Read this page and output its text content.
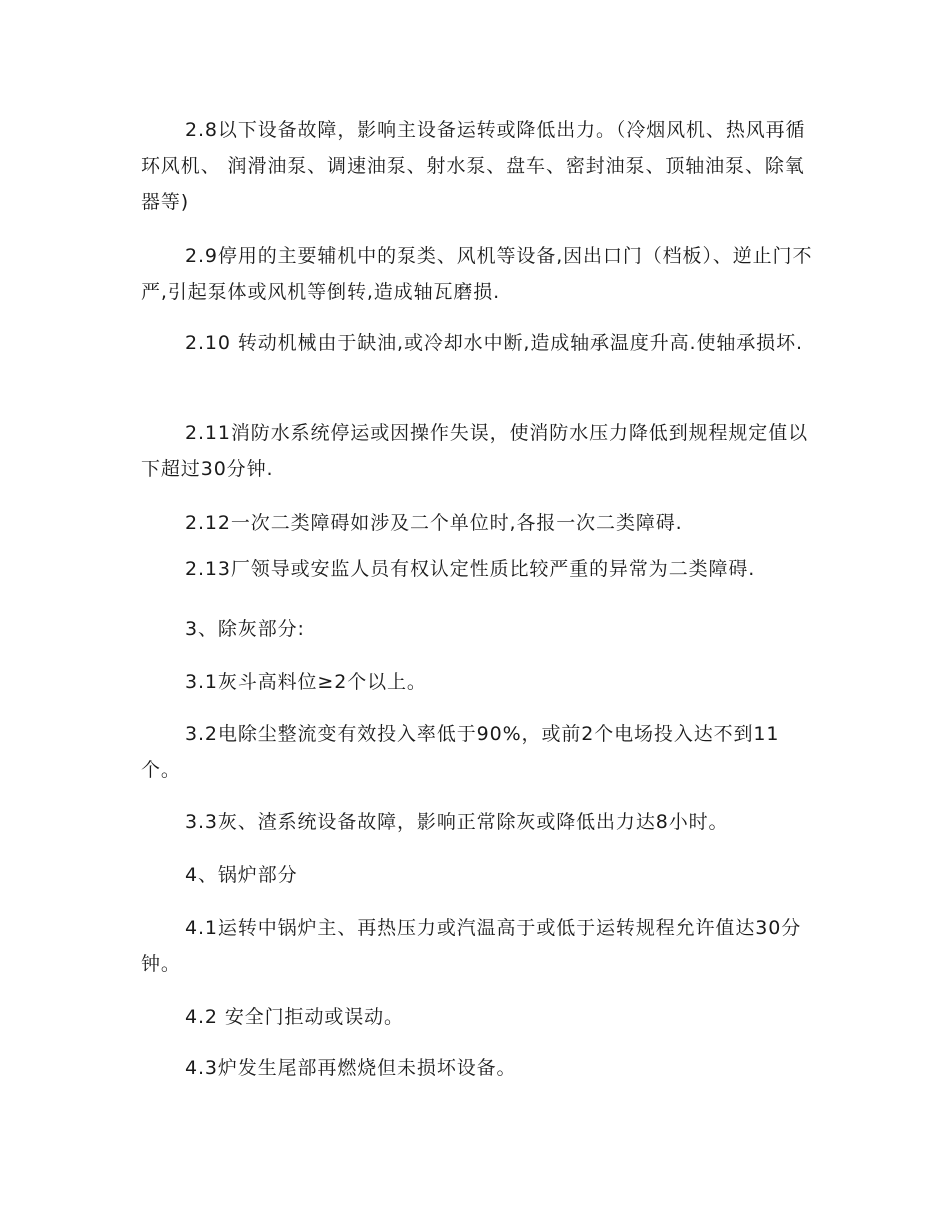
2.8以下设备故障，影响主设备运转或降低出力。（冷烟风机、热风再循环风机、 润滑油泵、调速油泵、射水泵、盘车、密封油泵、顶轴油泵、除氧器等)

2.9停用的主要辅机中的泵类、风机等设备,因出口门（档板）、逆止门不严,引起泵体或风机等倒转,造成轴瓦磨损.

2.10 转动机械由于缺油,或冷却水中断,造成轴承温度升高.使轴承损坏.

2.11消防水系统停运或因操作失误，使消防水压力降低到规程规定值以下超过30分钟.

2.12一次二类障碍如涉及二个单位时,各报一次二类障碍.

2.13厂领导或安监人员有权认定性质比较严重的异常为二类障碍.

3、除灰部分:

3.1灰斗高料位≥2个以上。

3.2电除尘整流变有效投入率低于90%，或前2个电场投入达不到11个。

3.3灰、渣系统设备故障，影响正常除灰或降低出力达8小时。

4、锅炉部分

4.1运转中锅炉主、再热压力或汽温高于或低于运转规程允许值达30分钟。

4.2 安全门拒动或误动。

4.3炉发生尾部再燃烧但未损坏设备。
